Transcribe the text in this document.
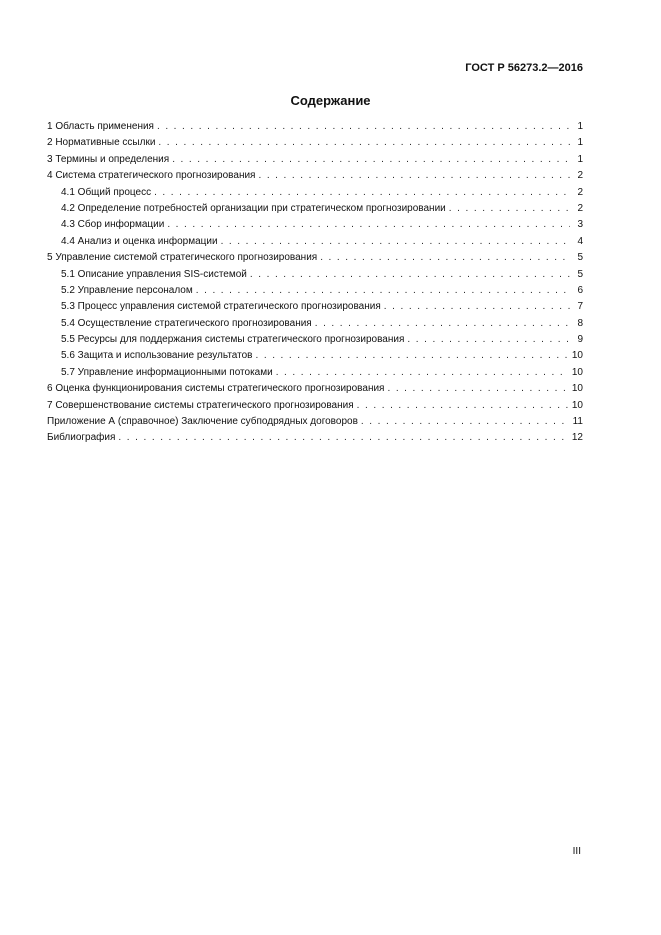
ГОСТ Р 56273.2—2016
Содержание
1 Область применения . . .	1
2 Нормативные ссылки . . .	1
3 Термины и определения . . .	1
4 Система стратегического прогнозирования . . .	2
4.1 Общий процесс . . .	2
4.2 Определение потребностей организации при стратегическом прогнозировании . . .	2
4.3 Сбор информации . . .	3
4.4 Анализ и оценка информации . . .	4
5 Управление системой стратегического прогнозирования . . .	5
5.1 Описание управления SIS-системой . . .	5
5.2 Управление персоналом . . .	6
5.3 Процесс управления системой стратегического прогнозирования . . .	7
5.4 Осуществление стратегического прогнозирования . . .	8
5.5 Ресурсы для поддержания системы стратегического прогнозирования . . .	9
5.6 Защита и использование результатов . . .	10
5.7 Управление информационными потоками . . .	10
6 Оценка функционирования системы стратегического прогнозирования . . .	10
7 Совершенствование системы стратегического прогнозирования . . .	10
Приложение А (справочное) Заключение субподрядных договоров . . .	11
Библиография . . .	12
III
